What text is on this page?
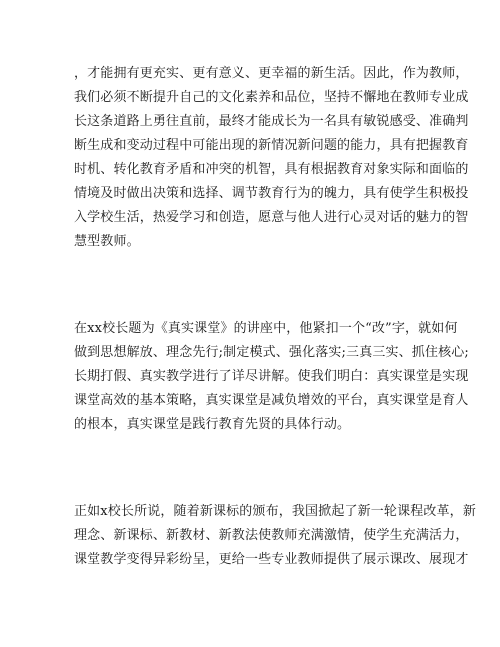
，才能拥有更充实、更有意义、更幸福的新生活。因此，作为教师，
我们必须不断提升自己的文化素养和品位，坚持不懈地在教师专业成
长这条道路上勇往直前，最终才能成长为一名具有敏锐感受、准确判
断生成和变动过程中可能出现的新情况新问题的能力，具有把握教育
时机、转化教育矛盾和冲突的机智，具有根据教育对象实际和面临的
情境及时做出决策和选择、调节教育行为的魄力，具有使学生积极投
入学校生活，热爱学习和创造，愿意与他人进行心灵对话的魅力的智
慧型教师。

在xx校长题为《真实课堂》的讲座中，他紧扣一个“改”字，就如何
做到思想解放、理念先行;制定模式、强化落实;三真三实、抓住核心;
长期打假、真实教学进行了详尽讲解。使我们明白：真实课堂是实现
课堂高效的基本策略，真实课堂是减负增效的平台，真实课堂是育人
的根本，真实课堂是践行教育先贤的具体行动。

正如x校长所说，随着新课标的颁布，我国掀起了新一轮课程改革，新
理念、新课标、新教材、新教法使教师充满激情，使学生充满活力，
课堂教学变得异彩纷呈，更给一些专业教师提供了展示课改、展现才
